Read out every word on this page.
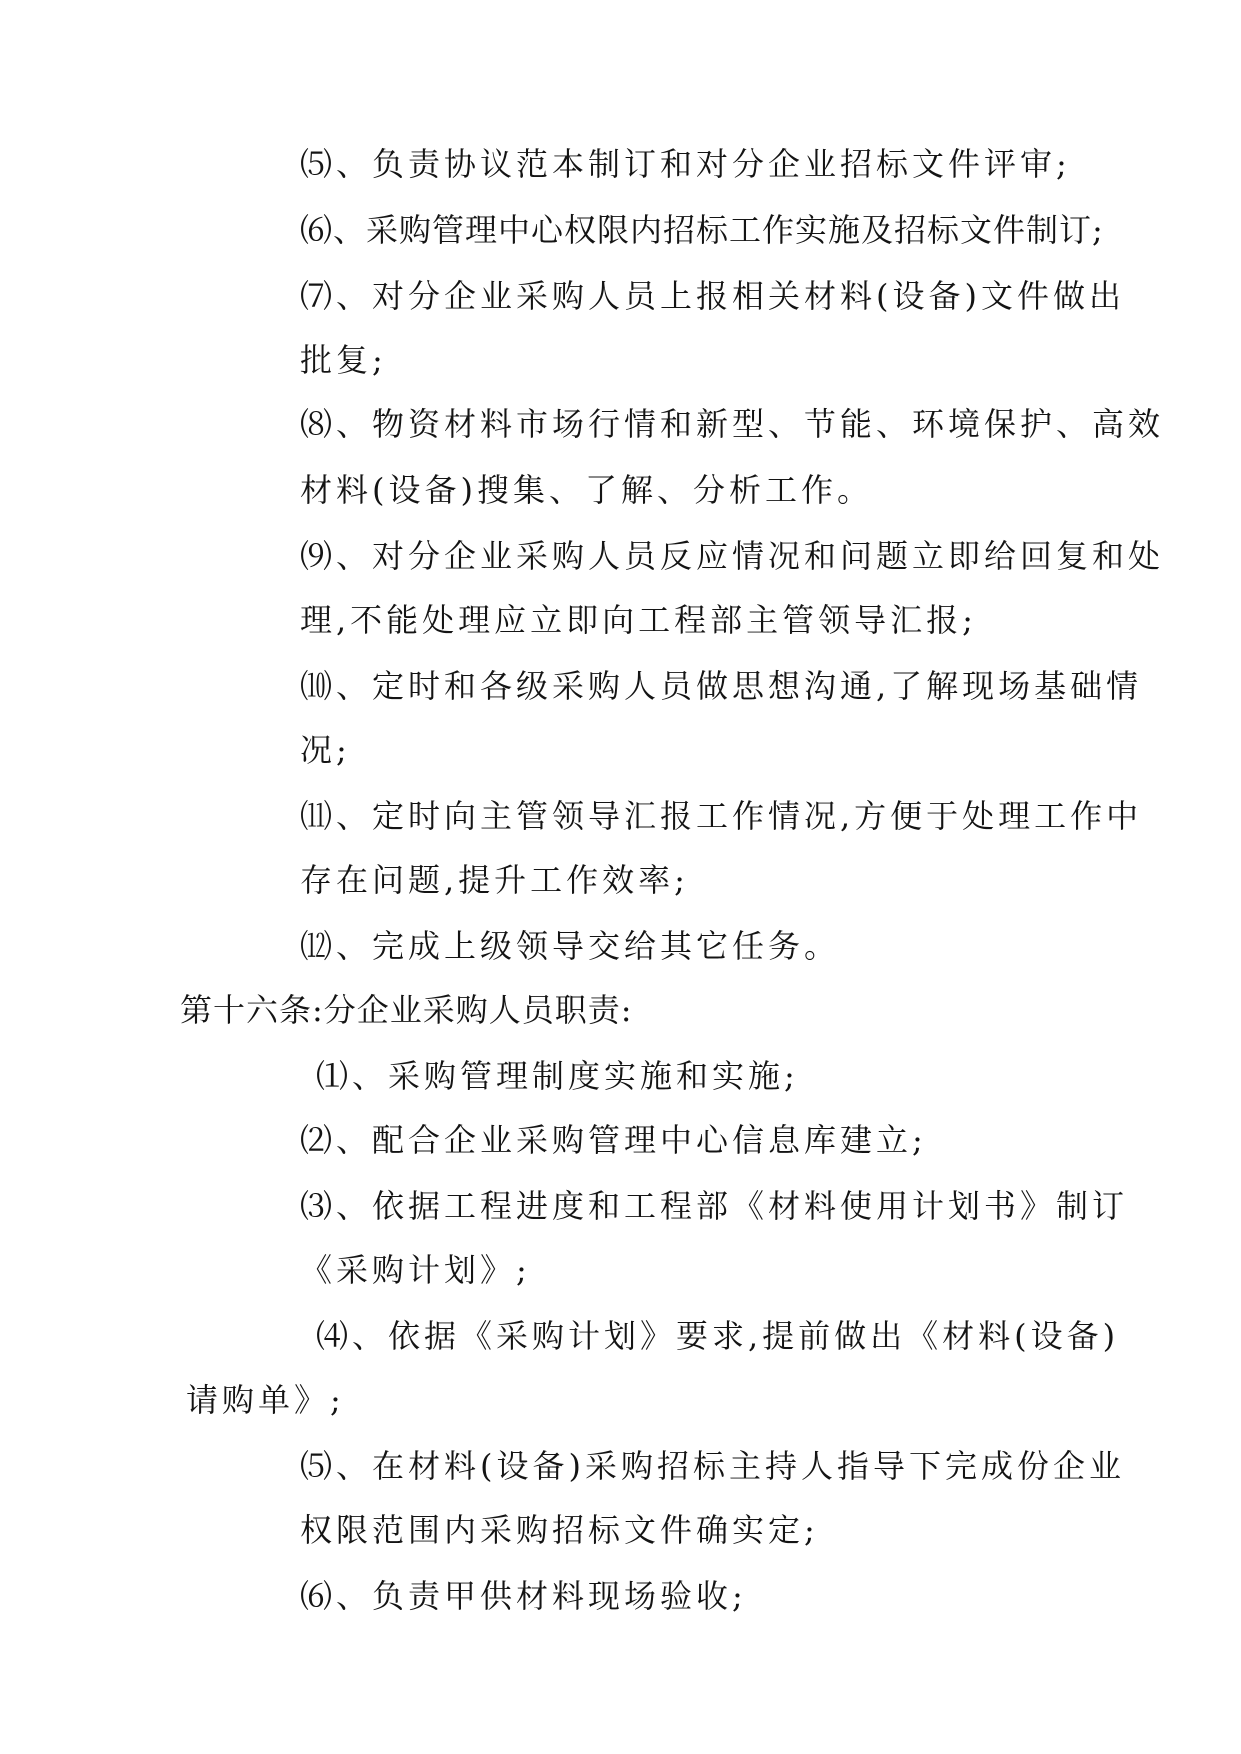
⑸、负责协议范本制订和对分企业招标文件评审;
⑹、采购管理中心权限内招标工作实施及招标文件制订;
⑺、对分企业采购人员上报相关材料(设备)文件做出
批复;
⑻、物资材料市场行情和新型、节能、环境保护、高效
材料(设备)搜集、了解、分析工作。
⑼、对分企业采购人员反应情况和问题立即给回复和处
理,不能处理应立即向工程部主管领导汇报;
⑽、定时和各级采购人员做思想沟通,了解现场基础情
况;
⑾、定时向主管领导汇报工作情况,方便于处理工作中
存在问题,提升工作效率;
⑿、完成上级领导交给其它任务。
第十六条:分企业采购人员职责:
⑴、采购管理制度实施和实施;
⑵、配合企业采购管理中心信息库建立;
⑶、依据工程进度和工程部《材料使用计划书》制订
《采购计划》;
⑷、依据《采购计划》要求,提前做出《材料(设备)
请购单》;
⑸、在材料(设备)采购招标主持人指导下完成份企业
权限范围内采购招标文件确实定;
⑹、负责甲供材料现场验收;
